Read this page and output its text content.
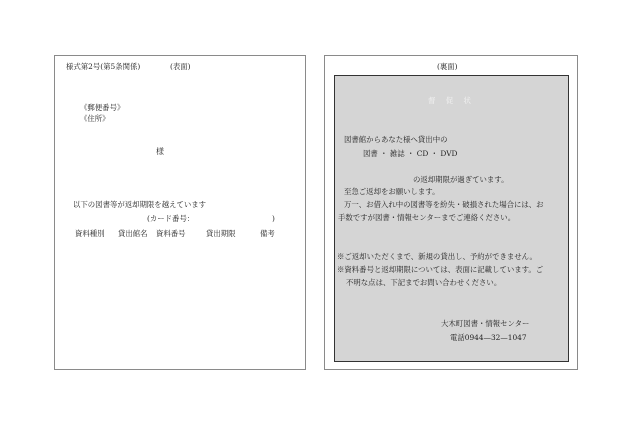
様式第2号(第5条関係)	(表面)
《郵便番号》
《住所》
様
以下の図書等が返却期限を越えています
(カード番号：	)
資料種別 貸出館名 資料番号	貸出期限	備考
(裏面)
督 促 状
図書館からあなた様へ貸出中の
図書 ・ 雑誌 ・ CD ・ DVD
の返却期限が過ぎています。
至急ご返却をお願いします。
万一、お借入れ中の図書等を紛失・破損された場合には、お
手数ですが図書・情報センターまでご連絡ください。
※ご返却いただくまで、新規の貸出し、予約ができません。
※資料番号と返却期限については、表面に記載しています。ご
不明な点は、下記までお問い合わせください。
大木町図書・情報センター
電話0944—32—1047
